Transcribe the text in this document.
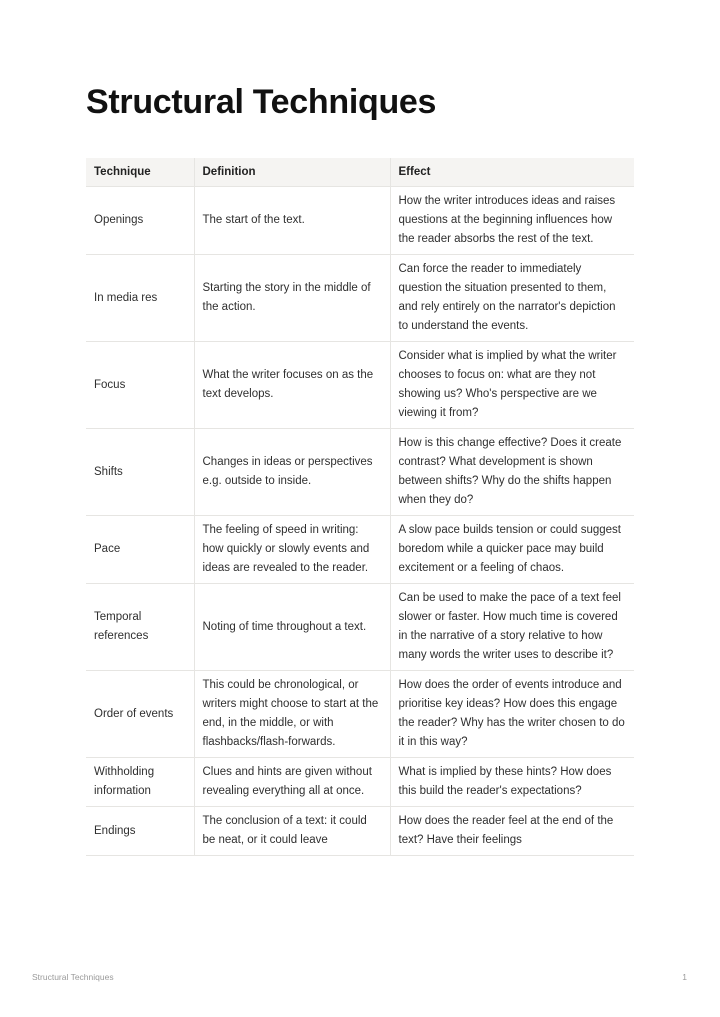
Structural Techniques
Technique	Definition	Effect
Openings	The start of the text.	How the writer introduces ideas and raises questions at the beginning influences how the reader absorbs the rest of the text.
In media res	Starting the story in the middle of the action.	Can force the reader to immediately question the situation presented to them, and rely entirely on the narrator's depiction to understand the events.
Focus	What the writer focuses on as the text develops.	Consider what is implied by what the writer chooses to focus on: what are they not showing us? Who's perspective are we viewing it from?
Shifts	Changes in ideas or perspectives e.g. outside to inside.	How is this change effective? Does it create contrast? What development is shown between shifts? Why do the shifts happen when they do?
Pace	The feeling of speed in writing: how quickly or slowly events and ideas are revealed to the reader.	A slow pace builds tension or could suggest boredom while a quicker pace may build excitement or a feeling of chaos.
Temporal references	Noting of time throughout a text.	Can be used to make the pace of a text feel slower or faster. How much time is covered in the narrative of a story relative to how many words the writer uses to describe it?
Order of events	This could be chronological, or writers might choose to start at the end, in the middle, or with flashbacks/flash-forwards.	How does the order of events introduce and prioritise key ideas? How does this engage the reader? Why has the writer chosen to do it in this way?
Withholding information	Clues and hints are given without revealing everything all at once.	What is implied by these hints? How does this build the reader's expectations?
Endings	The conclusion of a text: it could be neat, or it could leave	How does the reader feel at the end of the text? Have their feelings
Structural Techniques	1
